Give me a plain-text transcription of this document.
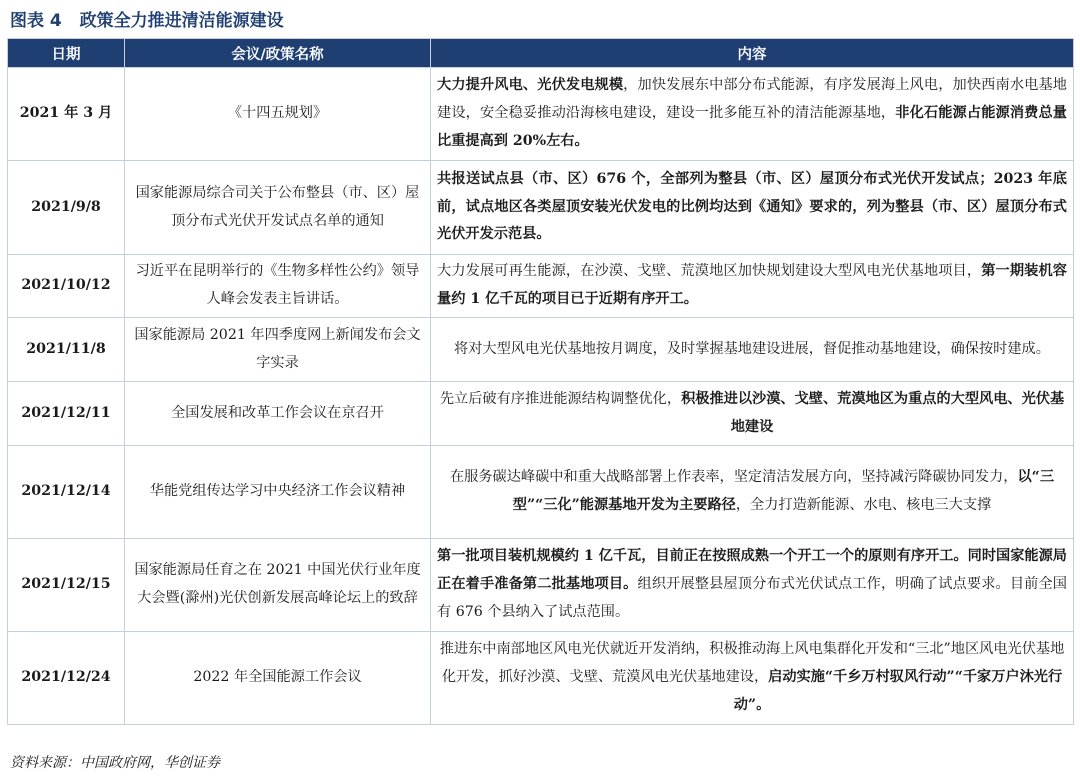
图表 4 政策全力推进清洁能源建设
日期	会议/政策名称	内容
2021 年 3 月	《十四五规划》	大力提升风电、光伏发电规模，加快发展东中部分布式能源，有序发展海上风电，加快西南水电基地建设，安全稳妥推动沿海核电建设，建设一批多能互补的清洁能源基地，非化石能源占能源消费总量比重提高到 20%左右。
2021/9/8	国家能源局综合司关于公布整县（市、区）屋顶分布式光伏开发试点名单的通知	共报送试点县（市、区）676 个，全部列为整县（市、区）屋顶分布式光伏开发试点；2023 年底前，试点地区各类屋顶安装光伏发电的比例均达到《通知》要求的，列为整县（市、区）屋顶分布式光伏开发示范县。
2021/10/12	习近平在昆明举行的《生物多样性公约》领导人峰会发表主旨讲话。	大力发展可再生能源，在沙漠、戈壁、荒漠地区加快规划建设大型风电光伏基地项目，第一期装机容量约 1 亿千瓦的项目已于近期有序开工。
2021/11/8	国家能源局 2021 年四季度网上新闻发布会文字实录	将对大型风电光伏基地按月调度，及时掌握基地建设进展，督促推动基地建设，确保按时建成。
2021/12/11	全国发展和改革工作会议在京召开	先立后破有序推进能源结构调整优化，积极推进以沙漠、戈壁、荒漠地区为重点的大型风电、光伏基地建设
2021/12/14	华能党组传达学习中央经济工作会议精神	在服务碳达峰碳中和重大战略部署上作表率，坚定清洁发展方向，坚持减污降碳协同发力，以“三型”“三化”能源基地开发为主要路径，全力打造新能源、水电、核电三大支撑
2021/12/15	国家能源局任育之在 2021 中国光伏行业年度大会暨(滁州)光伏创新发展高峰论坛上的致辞	第一批项目装机规模约 1 亿千瓦，目前正在按照成熟一个开工一个的原则有序开工。同时国家能源局正在着手准备第二批基地项目。组织开展整县屋顶分布式光伏试点工作，明确了试点要求。目前全国有 676 个县纳入了试点范围。
2021/12/24	2022 年全国能源工作会议	推进东中南部地区风电光伏就近开发消纳，积极推动海上风电集群化开发和“三北”地区风电光伏基地化开发，抓好沙漠、戈壁、荒漠风电光伏基地建设，启动实施“千乡万村驭风行动”“千家万户沐光行动”。
资料来源：中国政府网，华创证券
